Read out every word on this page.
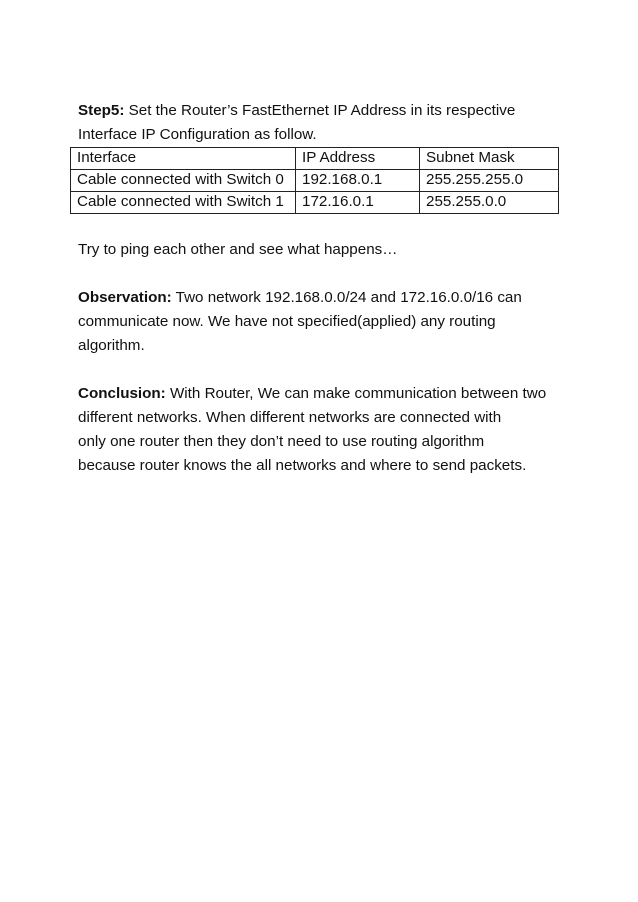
Step5: Set the Router’s FastEthernet IP Address in its respective
Interface IP Configuration as follow.
Interface	IP Address	Subnet Mask
Cable connected with Switch 0	192.168.0.1	255.255.255.0
Cable connected with Switch 1	172.16.0.1	255.255.0.0
Try to ping each other and see what happens…
Observation: Two network 192.168.0.0/24 and 172.16.0.0/16 can
communicate now. We have not specified(applied) any routing
algorithm.
Conclusion: With Router, We can make communication between two
different networks. When different networks are connected with
only one router then they don’t need to use routing algorithm
because router knows the all networks and where to send packets.
